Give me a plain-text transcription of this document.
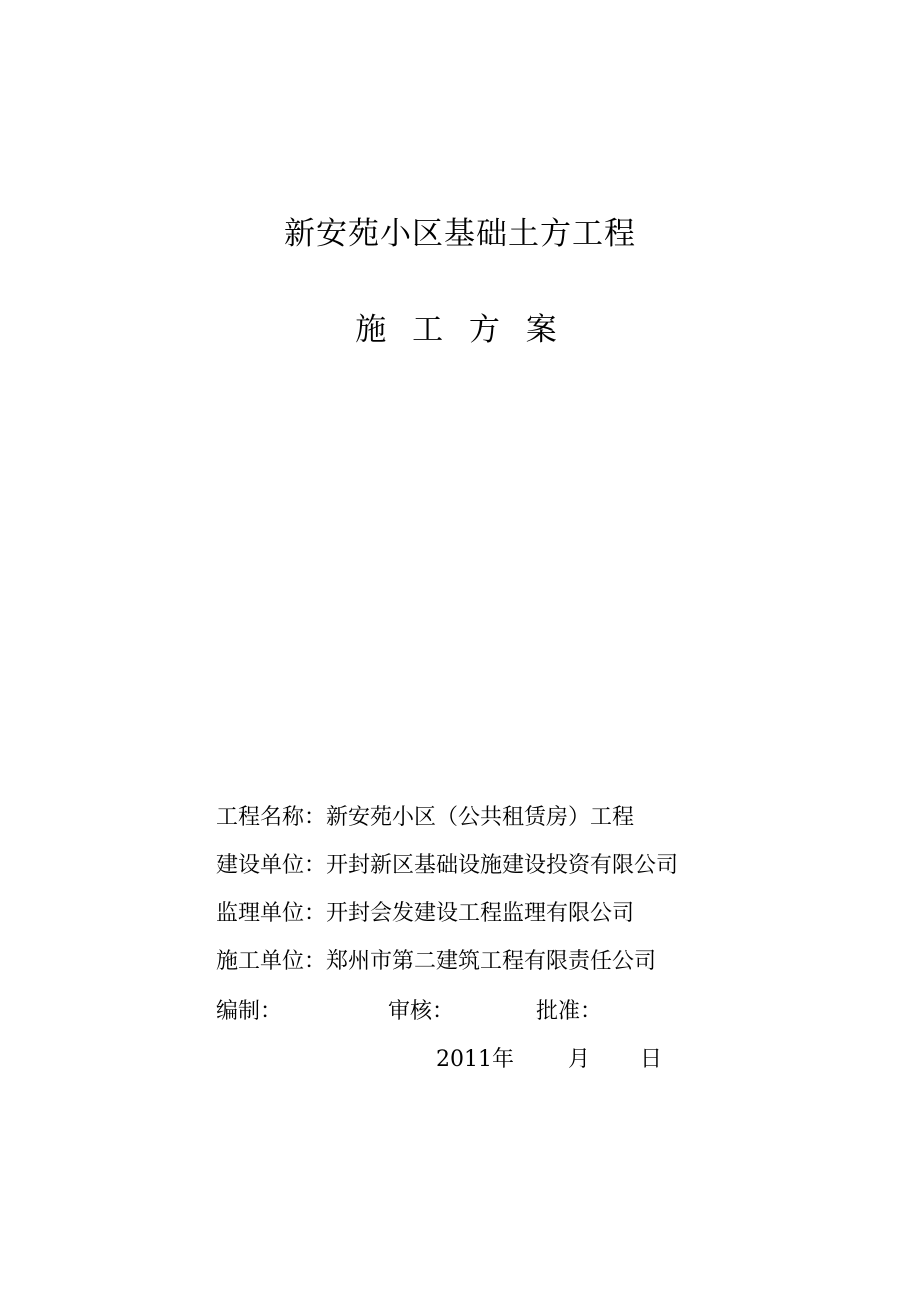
新安苑小区基础土方工程
施 工 方 案
工程名称：新安苑小区（公共租赁房）工程
建设单位：开封新区基础设施建设投资有限公司
监理单位：开封会发建设工程监理有限公司
施工单位：郑州市第二建筑工程有限责任公司
编制：	审核：	批准：
2011年 月 日
